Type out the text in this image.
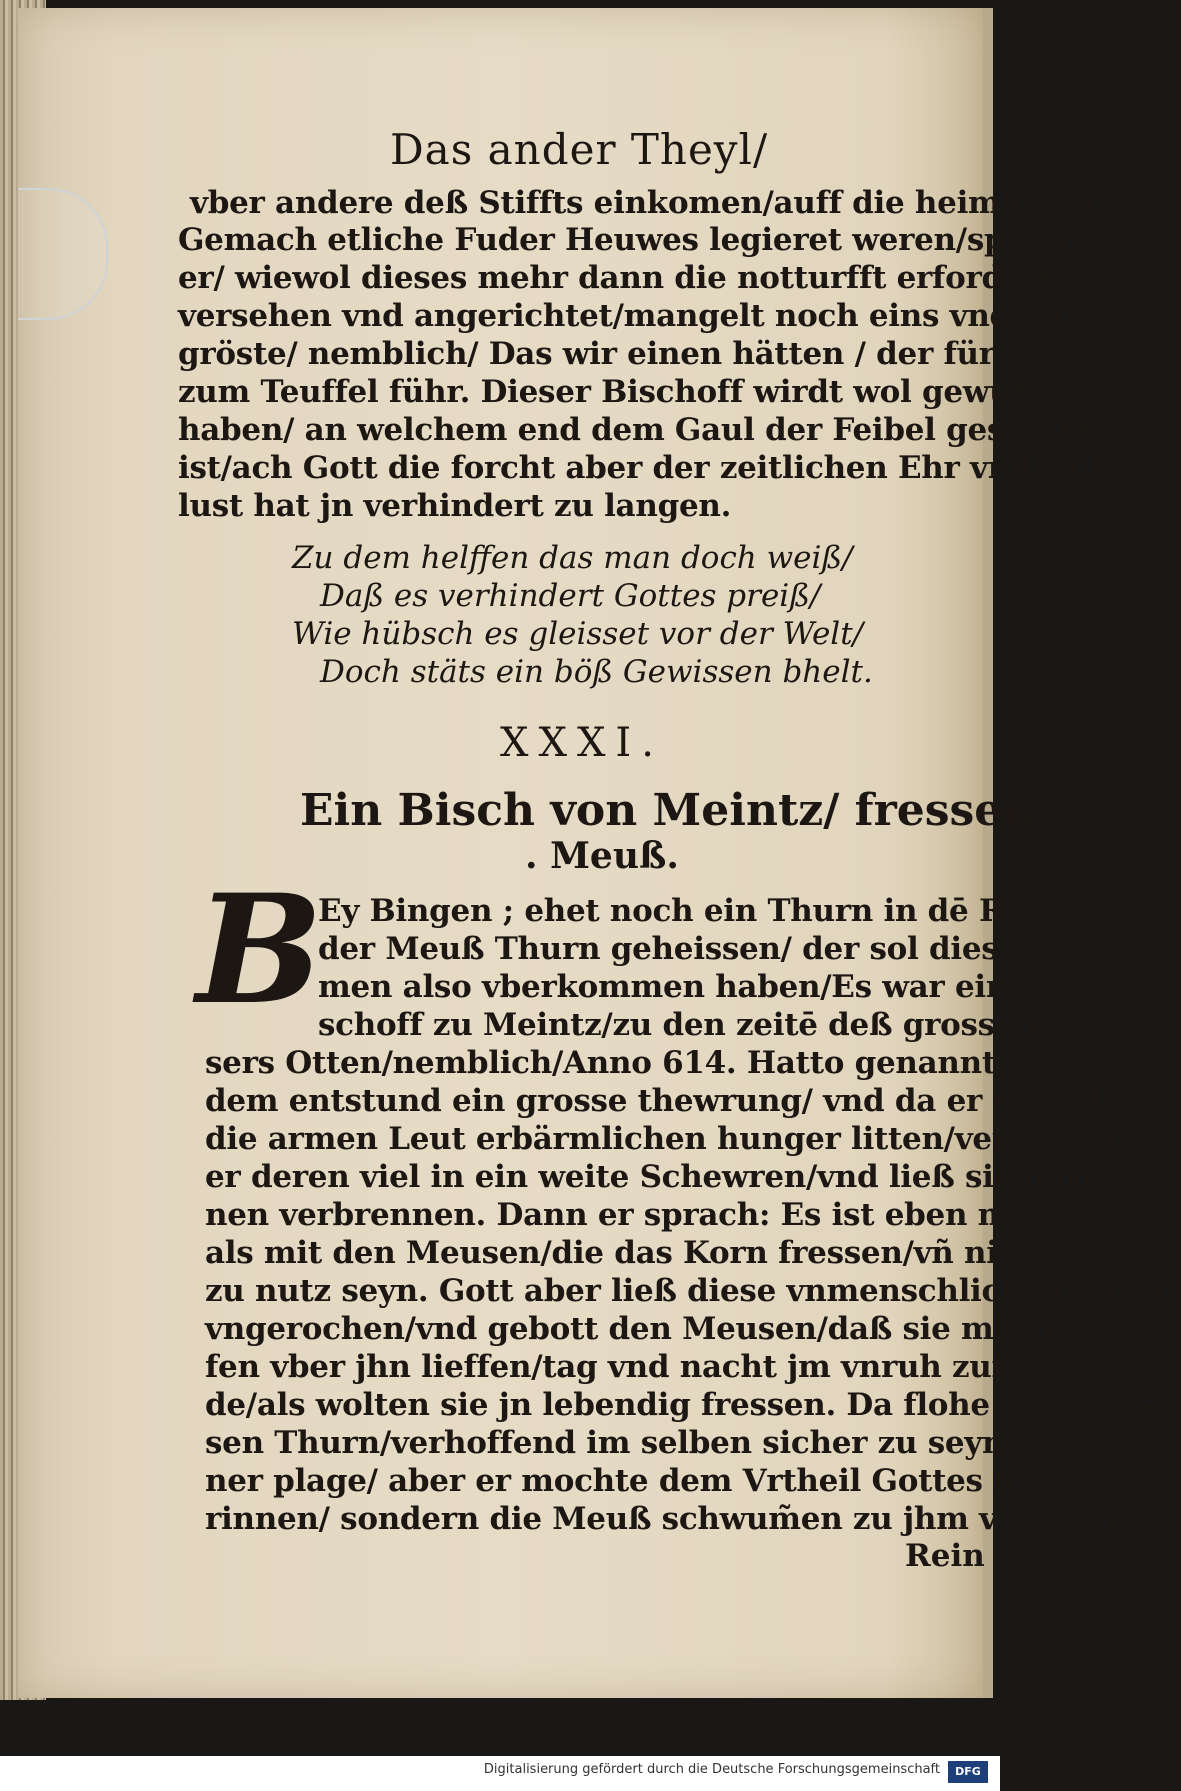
Das ander Theyl/

vber andere deß Stiffts einkomen/auff die heimlichen

Gemach etliche Fuder Heuwes legieret weren/sprach

er/ wiewol dieses mehr dann die notturfft erfordert/

versehen vnd angerichtet/mangelt noch eins vnd das

gröste/ nemblich/ Das wir einen hätten / der für vns

zum Teuffel führ. Dieser Bischoff wirdt wol gewußt

haben/ an welchem end dem Gaul der Feibel gesteckt

ist/ach Gott die forcht aber der zeitlichen Ehr vnd wol-

lust hat jn verhindert zu langen.

Zu dem helffen das man doch weiß/

Daß es verhindert Gottes preiß/

Wie hübsch es gleisset vor der Welt/

Doch stäts ein böß Gewissen bhelt.

XXXI.
Ein Bisch von Meintz/ fressen
. Meuß.
B

Ey Bingen ; ehet noch ein Thurn in dē Rein/

der Meuß Thurn geheissen/ der sol diesen Na-

men also vberkommen haben/Es war ein Bi-

schoff zu Meintz/zu den zeitē deß grossen Rey-

sers Otten/nemblich/Anno 614. Hatto genannt/vnder

dem entstund ein grosse thewrung/ vnd da er sahe/daß

die armen Leut erbärmlichen hunger litten/versamlet

er deren viel in ein weite Schewren/vnd ließ sie darin-

nen verbrennen. Dann er sprach: Es ist eben mit jnen/

als mit den Meusen/die das Korn fressen/vñ niemand

zu nutz seyn. Gott aber ließ diese vnmenschliche that nit

vngerochen/vnd gebott den Meusen/daß sie mit hauf-

fen vber jhn lieffen/tag vnd nacht jm vnruh zufügen-

de/als wolten sie jn lebendig fressen. Da flohe er in die-

sen Thurn/verhoffend im selben sicher zu seyn/ vor sei-

ner plage/ aber er mochte dem Vrtheil Gottes nit ent-

rinnen/ sondern die Meuß schwum̃en zu jhm vber den

Rein

Digitalisierung gefördert durch die Deutsche Forschungsgemeinschaft	DFG
